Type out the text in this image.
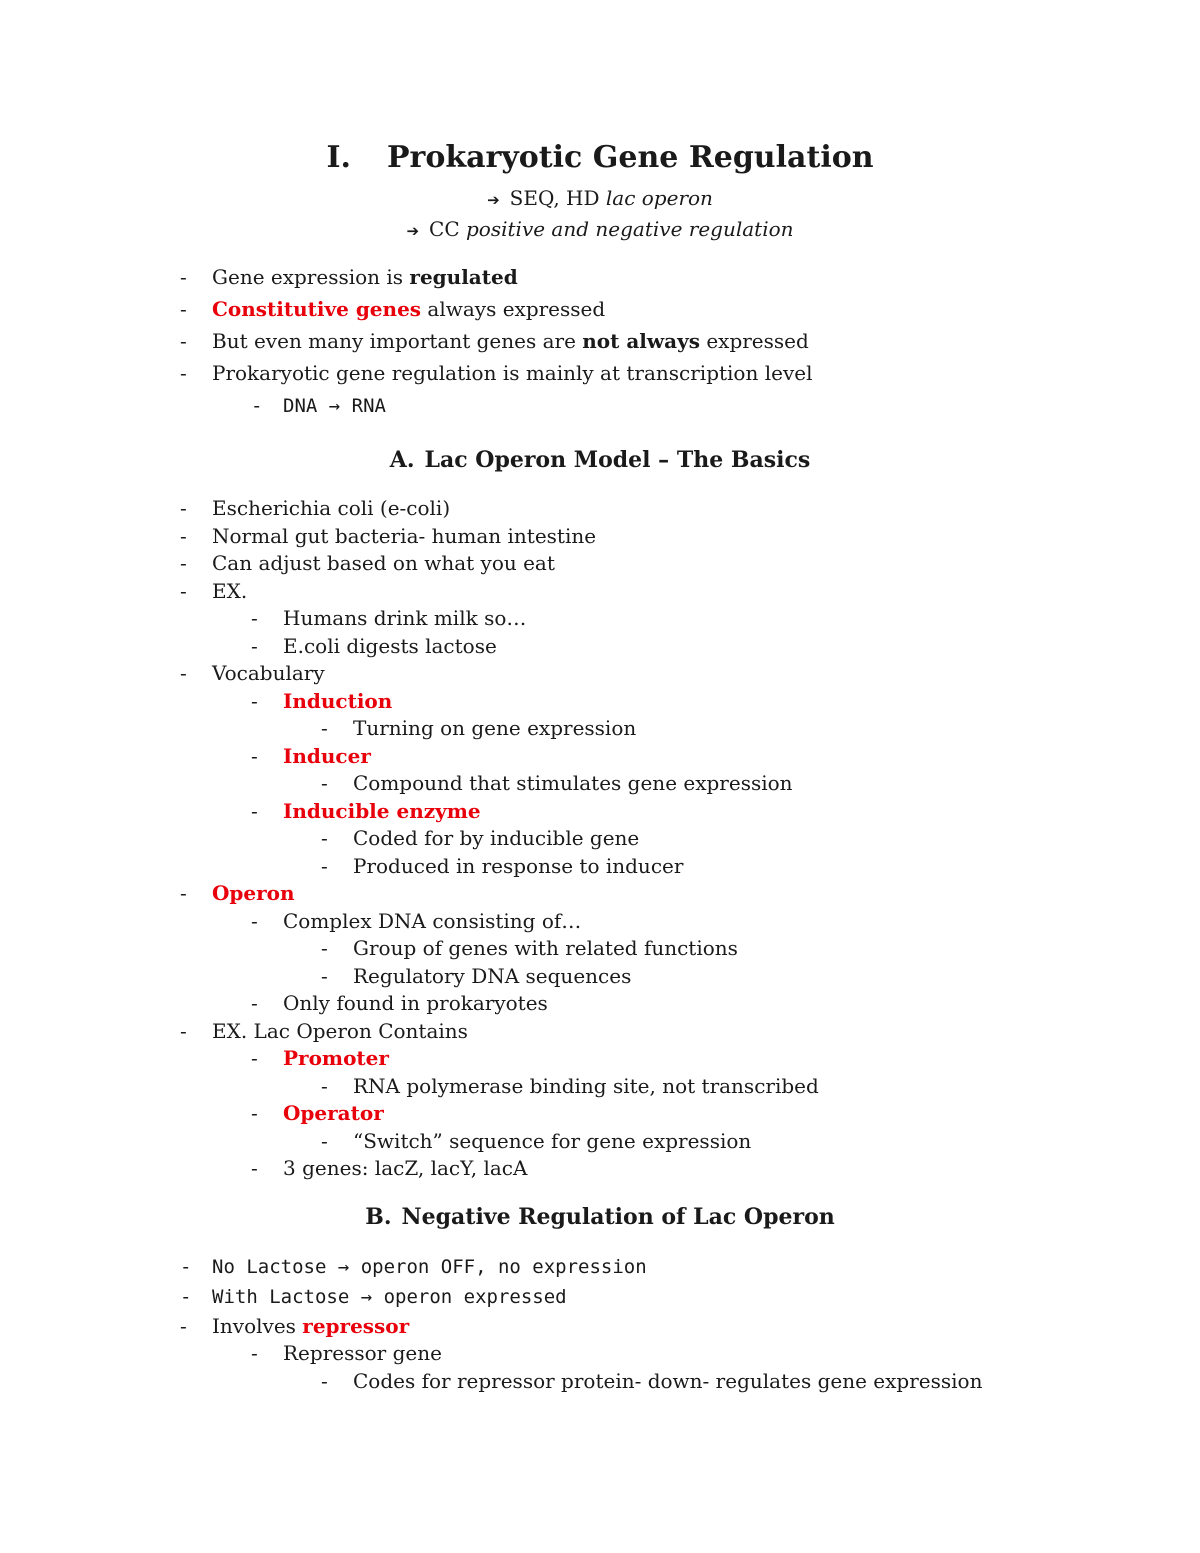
I. Prokaryotic Gene Regulation
➔ SEQ, HD lac operon
➔ CC positive and negative regulation
- Gene expression is regulated
- Constitutive genes always expressed
- But even many important genes are not always expressed
- Prokaryotic gene regulation is mainly at transcription level
- DNA → RNA
A. Lac Operon Model – The Basics
- Escherichia coli (e-coli)
- Normal gut bacteria- human intestine
- Can adjust based on what you eat
- EX.
- Humans drink milk so…
- E.coli digests lactose
- Vocabulary
- Induction
- Turning on gene expression
- Inducer
- Compound that stimulates gene expression
- Inducible enzyme
- Coded for by inducible gene
- Produced in response to inducer
- Operon
- Complex DNA consisting of…
- Group of genes with related functions
- Regulatory DNA sequences
- Only found in prokaryotes
- EX. Lac Operon Contains
- Promoter
- RNA polymerase binding site, not transcribed
- Operator
- “Switch” sequence for gene expression
- 3 genes: lacZ, lacY, lacA
B. Negative Regulation of Lac Operon
- No Lactose → operon OFF, no expression
- With Lactose → operon expressed
- Involves repressor
- Repressor gene
- Codes for repressor protein- down- regulates gene expression
